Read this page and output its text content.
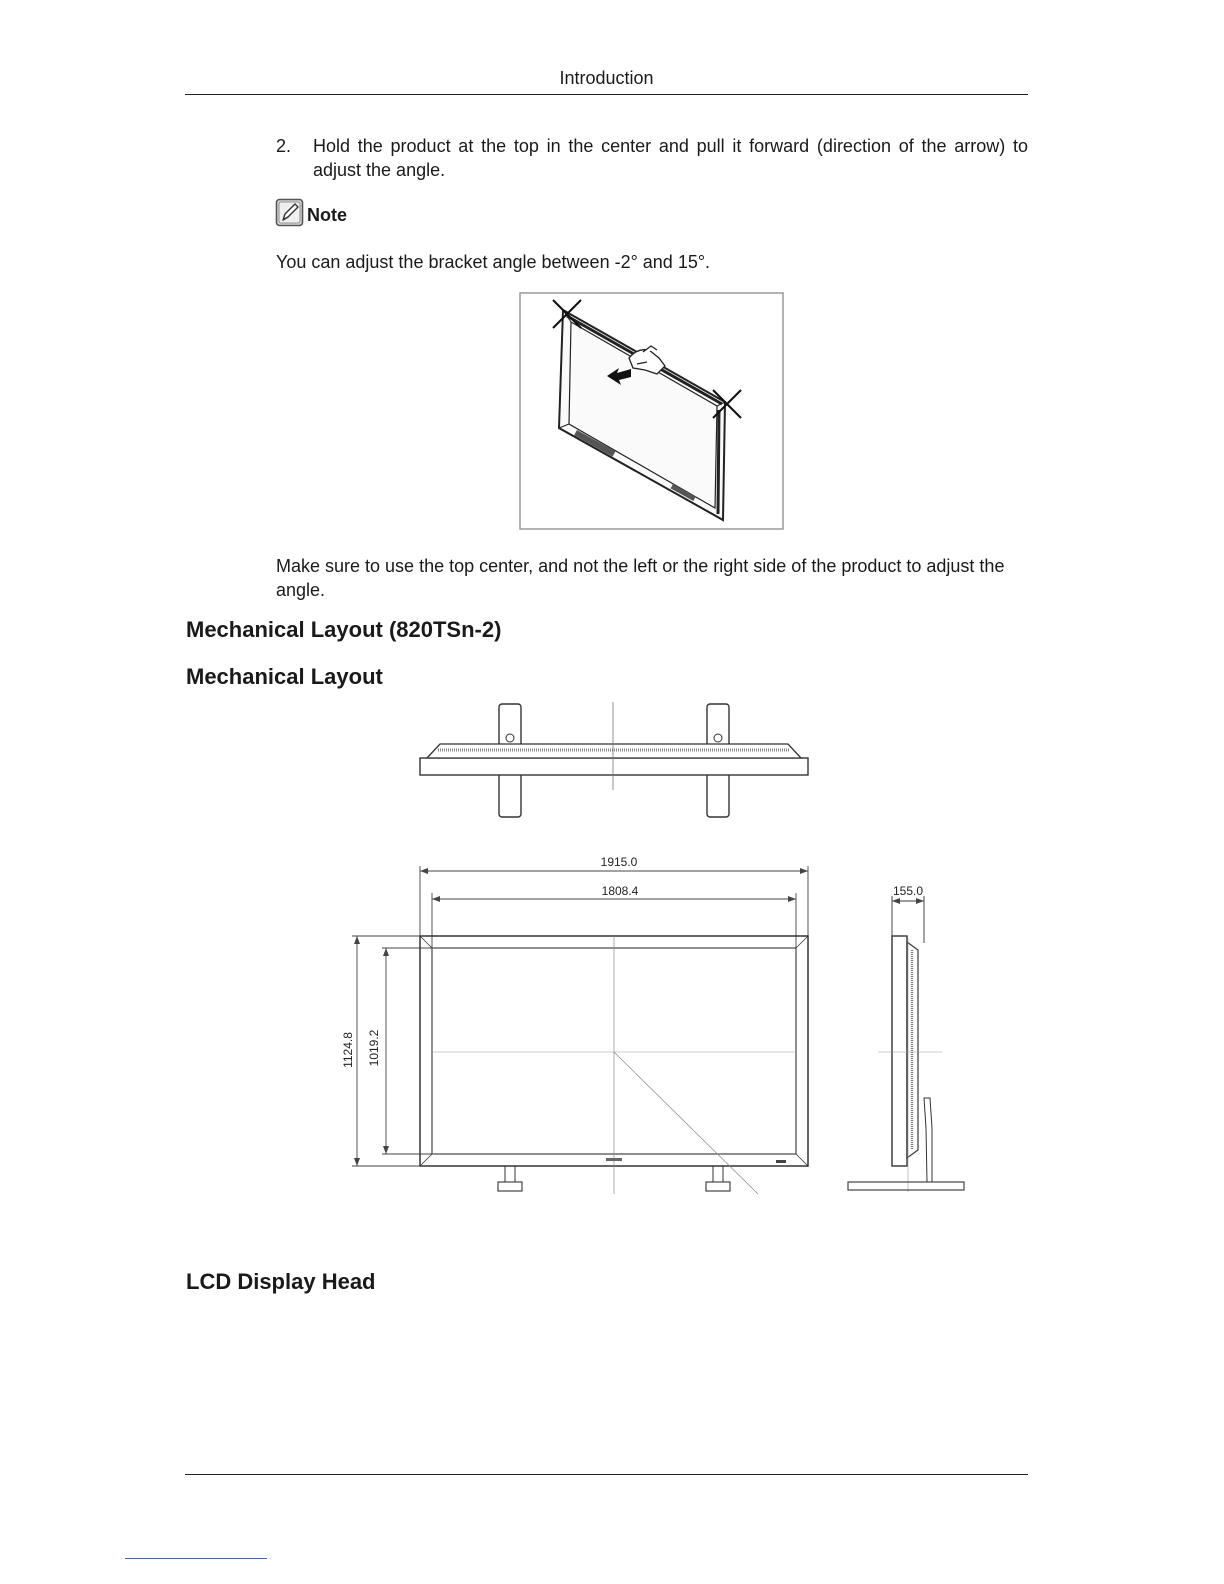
Introduction
2. Hold the product at the top in the center and pull it forward (direction of the arrow) to adjust the angle.
Note
You can adjust the bracket angle between -2° and 15°.
Make sure to use the top center, and not the left or the right side of the product to adjust the angle.
Mechanical Layout (820TSn-2)
Mechanical Layout
1915.0
1808.4
1124.8 1019.2
155.0
LCD Display Head
